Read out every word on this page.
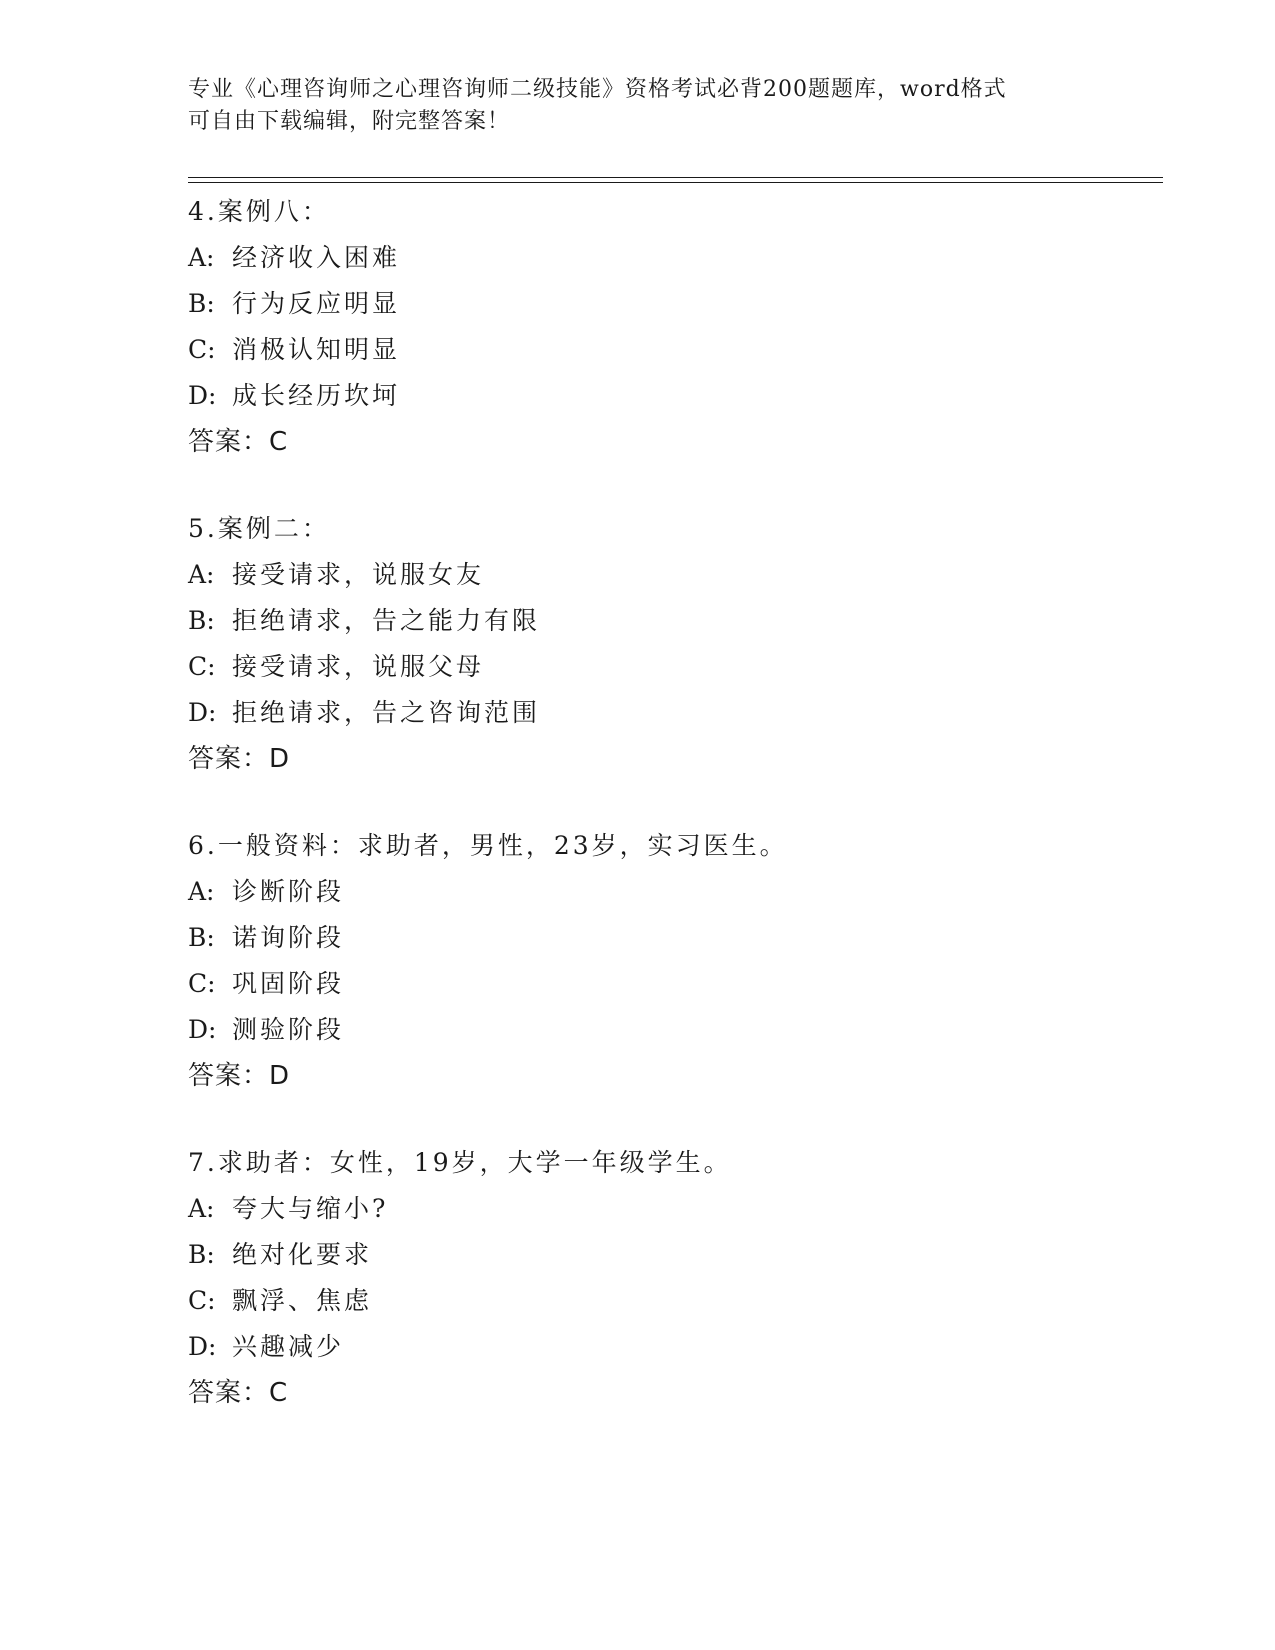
专业《心理咨询师之心理咨询师二级技能》资格考试必背200题题库，word格式
可自由下载编辑，附完整答案！
4.案例八：
A: 经济收入困难
B: 行为反应明显
C: 消极认知明显
D: 成长经历坎坷
答案：C
5.案例二：
A: 接受请求，说服女友
B: 拒绝请求，告之能力有限
C: 接受请求，说服父母
D: 拒绝请求，告之咨询范围
答案：D
6.一般资料：求助者，男性，23岁，实习医生。
A: 诊断阶段
B: 诺询阶段
C: 巩固阶段
D: 测验阶段
答案：D
7.求助者：女性，19岁，大学一年级学生。
A: 夸大与缩小?
B: 绝对化要求
C: 飘浮、焦虑
D: 兴趣减少
答案：C
